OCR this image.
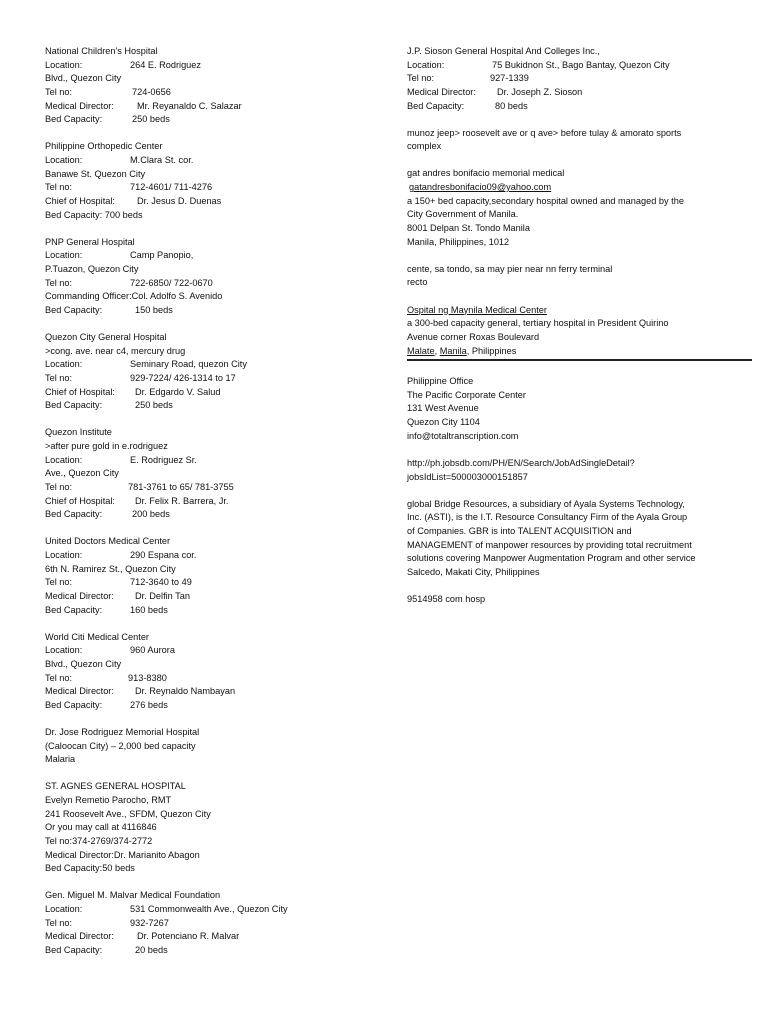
National Children's Hospital
Location:	264 E. Rodriguez
Blvd., Quezon City
Tel no:	724-0656
Medical Director:	Mr. Reyanaldo C. Salazar
Bed Capacity:	250 beds
Philippine Orthopedic Center
Location:	M.Clara St. cor.
Banawe St. Quezon City
Tel no:	712-4601/ 711-4276
Chief of Hospital: Dr. Jesus D. Duenas
Bed Capacity: 700 beds
PNP General Hospital
Location:	Camp Panopio,
P.Tuazon, Quezon City
Tel no:	722-6850/ 722-0670
Commanding Officer:Col. Adolfo S. Avenido
Bed Capacity:	150 beds
Quezon City General Hospital
>cong. ave. near c4, mercury drug
Location:	Seminary Road, quezon City
Tel no:	929-7224/ 426-1314 to 17
Chief of Hospital: Dr. Edgardo V. Salud
Bed Capacity:	250 beds
Quezon Institute
>after pure gold in e.rodriguez
Location:	E. Rodriguez Sr.
Ave., Quezon City
Tel no:	781-3761 to 65/ 781-3755
Chief of Hospital: Dr. Felix R. Barrera, Jr.
Bed Capacity:	200 beds
United Doctors Medical Center
Location:	290 Espana cor.
6th N. Ramirez St., Quezon City
Tel no:	712-3640 to 49
Medical Director: Dr. Delfin Tan
Bed Capacity:	160 beds
World Citi Medical Center
Location:	960 Aurora
Blvd., Quezon City
Tel no:	913-8380
Medical Director: Dr. Reynaldo Nambayan
Bed Capacity:	276 beds
Dr. Jose Rodriguez Memorial Hospital
(Caloocan City) – 2,000 bed capacity
Malaria
ST. AGNES GENERAL HOSPITAL
Evelyn Remetio Parocho, RMT
241 Roosevelt Ave., SFDM, Quezon City
Or you may call at 4116846
Tel no:374-2769/374-2772
Medical Director:Dr. Marianito Abagon
Bed Capacity:50 beds
Gen. Miguel M. Malvar Medical Foundation
Location:	531 Commonwealth Ave., Quezon City
Tel no:	932-7267
Medical Director:	Dr. Potenciano R. Malvar
Bed Capacity:	20 beds
J.P. Sioson General Hospital And Colleges Inc.,
Location:	75 Bukidnon St., Bago Bantay, Quezon City
Tel no:	927-1339
Medical Director: Dr. Joseph Z. Sioson
Bed Capacity:	80 beds
munoz jeep> roosevelt ave or q ave> before tulay & amorato sports
complex
gat andres bonifacio memorial medical
gatandresbonifacio09@yahoo.com
a 150+ bed capacity,secondary hospital owned and managed by the
City Government of Manila.
8001 Delpan St. Tondo Manila
Manila, Philippines, 1012
cente, sa tondo, sa may pier near nn ferry terminal
recto
Ospital ng Maynila Medical Center
a 300-bed capacity general, tertiary hospital in President Quirino
Avenue corner Roxas Boulevard
Malate, Manila, Philippines
Philippine Office
The Pacific Corporate Center
131 West Avenue
Quezon City 1104
info@totaltranscription.com
http://ph.jobsdb.com/PH/EN/Search/JobAdSingleDetail?
jobsIdList=500003000151857
global Bridge Resources, a subsidiary of Ayala Systems Technology,
Inc. (ASTI), is the I.T. Resource Consultancy Firm of the Ayala Group
of Companies. GBR is into TALENT ACQUISITION and
MANAGEMENT of manpower resources by providing total recruitment
solutions covering Manpower Augmentation Program and other service
Salcedo, Makati City, Philippines
9514958 com hosp
